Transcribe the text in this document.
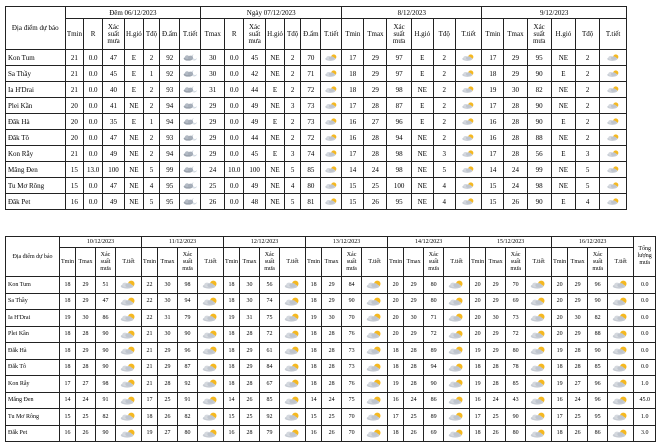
Địa điểm dự báo	Đêm 06/12/2023							Ngày 07/12/2023							8/12/2023						9/12/2023					
	Tmin	R	Xác suất mưa	H.gió	Tđộ	Đ.ẩm	T.tiết	Tmax	R	Xác suất mưa	H.gió	Tđộ	Đ.ẩm	T.tiết	Tmin	Tmax	Xác suất mưa	H.gió	Tđộ	T.tiết	Tmin	Tmax	Xác suất mưa	H.gió	Tđộ	T.tiết
Kon Tum	21	0.0	47	E	2	92		30	0.0	45	NE	2	70		17	29	97	E	2		17	29	95	NE	2	

Sa Thầy	21	0.0	45	E	1	92		30	0.0	42	NE	2	71		18	29	97	E	2		18	29	90	E	2	

Ia H'Drai	21	0.0	40	E	2	93		31	0.0	44	E	2	72		18	29	98	NE	2		19	30	82	NE	2	

Plei Kần	20	0.0	41	NE	2	94		29	0.0	49	NE	3	73		17	28	87	E	2		17	28	90	NE	2	

Đăk Hà	20	0.0	35	E	1	94		29	0.0	49	E	2	73		16	27	96	E	2		16	28	90	E	2	

Đăk Tô	20	0.0	47	NE	2	93		29	0.0	44	NE	2	72		16	28	94	NE	2		16	28	88	NE	2	

Kon Rẫy	21	0.0	49	NE	2	94		29	0.0	45	E	3	74		17	28	98	NE	3		17	28	56	E	3	

Măng Đen	15	13.0	100	NE	5	99		24	10.0	100	NE	5	85		14	24	98	NE	5		14	24	99	NE	5	

Tu Mơ Rông	15	0.0	47	NE	4	95		25	0.0	49	NE	4	80		15	25	100	NE	4		15	24	98	NE	5	

Đăk Pet	16	0.0	49	NE	5	95		26	0.0	48	NE	5	81		15	26	95	NE	4		15	26	90	E	4	
Địa điểm dự báo	10/12/2023				11/12/2023				12/12/2023				13/12/2023				14/12/2023				15/12/2023				16/12/2023				Tổng lượng mưa
	Tmin	Tmax	Xác suất mưa	T.tiết	Tmin	Tmax	Xác suất mưa	T.tiết	Tmin	Tmax	Xác suất mưa	T.tiết	Tmin	Tmax	Xác suất mưa	T.tiết	Tmin	Tmax	Xác suất mưa	T.tiết	Tmin	Tmax	Xác suất mưa	T.tiết	Tmin	Tmax	Xác suất mưa	T.tiết	
Kon Tum	18	29	51		22	30	98		18	30	56		18	29	84		20	29	80		20	29	70		20	29	96		0.0
Sa Thầy	18	29	47		22	30	94		18	30	74		18	29	90		20	29	80		20	29	69		20	29	90		0.0
Ia H'Drai	19	30	86		22	31	79		19	31	75		19	30	70		20	30	71		20	30	73		20	30	82		0.0
Plei Kần	18	28	90		21	30	90		18	28	72		18	28	76		20	29	72		20	29	72		20	29	88		0.0
Đăk Hà	18	29	90		21	29	96		18	29	61		18	28	73		18	28	89		19	29	80		19	28	90		0.0
Đăk Tô	18	28	90		21	29	87		18	29	84		18	28	73		18	28	94		18	28	78		18	28	85		0.0
Kon Rẫy	17	27	98		21	28	92		18	28	67		18	28	76		19	28	90		19	28	85		19	27	96		1.0
Măng Đen	14	24	91		17	25	91		14	26	85		14	24	75		16	24	86		16	24	43		16	24	96		45.0
Tu Mơ Rông	15	25	82		18	26	82		15	25	92		15	25	70		17	25	89		17	25	90		17	25	95		1.0
Đăk Pet	16	26	90		19	27	80		16	28	79		16	26	70		18	26	69		18	26	80		18	26	86		3.0
